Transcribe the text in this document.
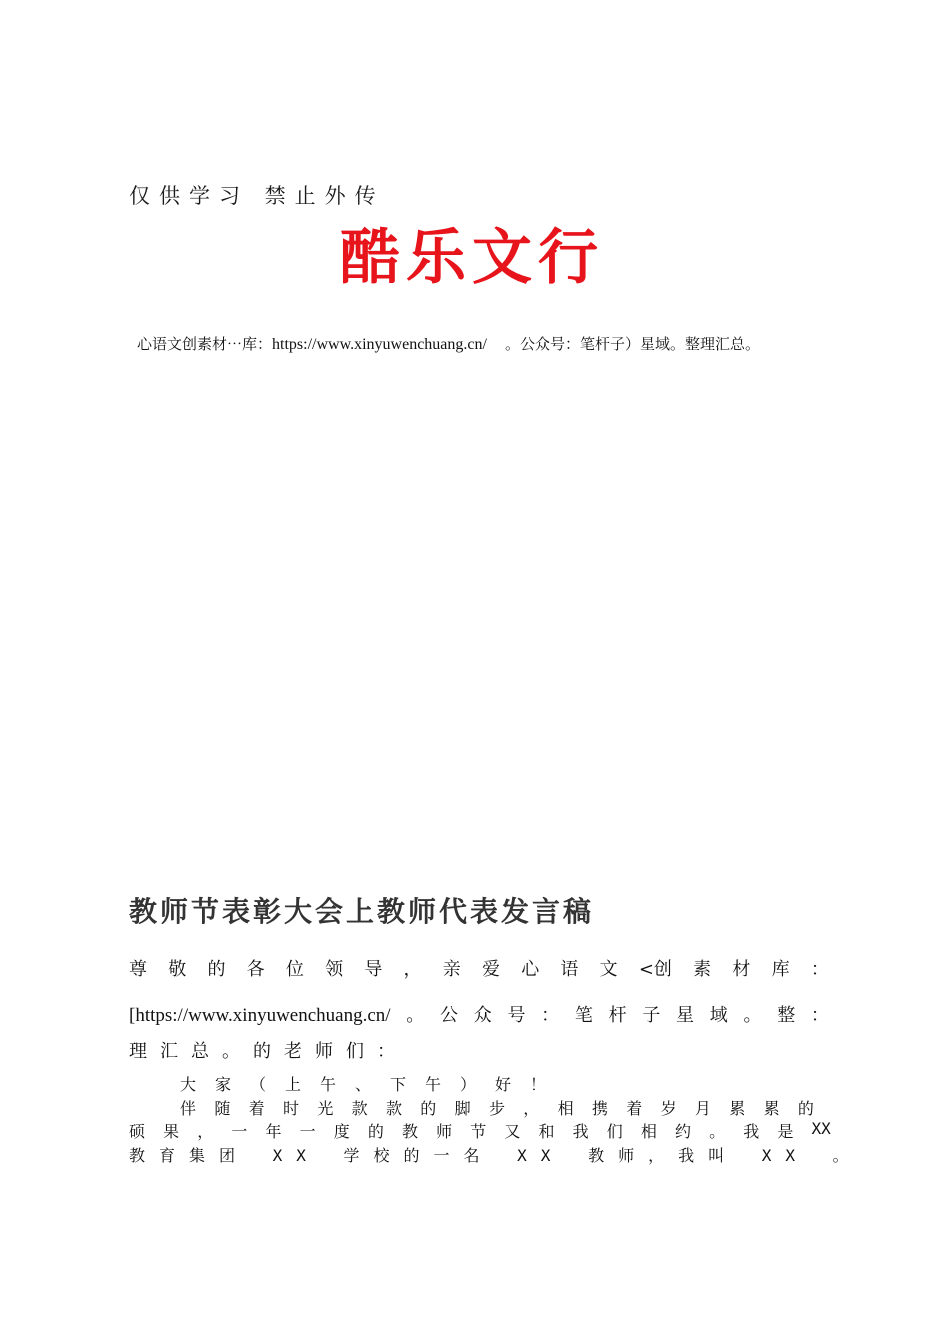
仅供学习 禁止外传
酷乐文行
心语文创素材⋯库：https://www.xinyuwenchuang.cn/ 。公众号：笔杆子）星域。整理汇总。
教师节表彰大会上教师代表发言稿
尊 敬 的 各 位 领 导 ， 亲 爱 心 语 文 <创 素 材 库 ：
[https://www.xinyuwenchuang.cn/ 。 公 众 号 ： 笔 杆 子 星 域 。 整 ：
理汇总。的老师们：
大家（上午、下午）好！
伴 随 着 时 光 款 款 的 脚 步 ， 相 携 着 岁 月 累 累 的
硕 果 ， 一 年 一 度 的 教 师 节 又 和 我 们 相 约 。 我 是 XX
教育集团 XX 学校的一名 XX 教师，我叫 XX 。
